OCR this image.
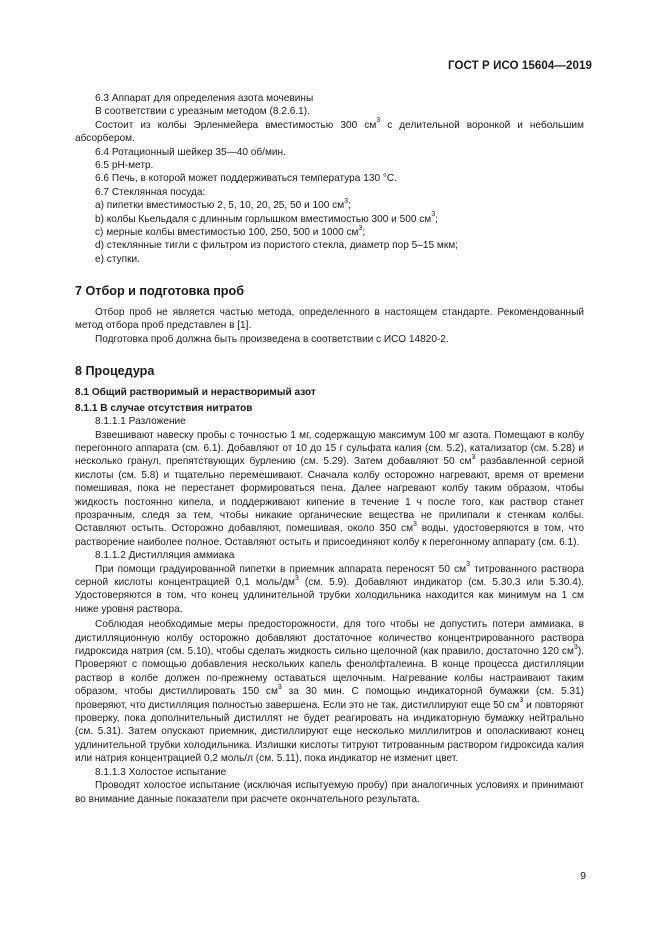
ГОСТ Р ИСО 15604—2019

6.3 Аппарат для определения азота мочевины

В соответствии с уреазным методом (8.2.6.1).

Состоит из колбы Эрленмейера вместимостью 300 $см^3$ с делительной воронкой и небольшим абсорбером.

6.4 Ротационный шейкер 35—40 об/мин.

6.5 рН-метр.

6.6 Печь, в которой может поддерживаться температура 130 °С.

6.7 Стеклянная посуда:

a) пипетки вместимостью 2, 5, 10, 20, 25, 50 и 100 $см^3$;

b) колбы Кьельдаля с длинным горлышком вместимостью 300 и 500 $см^3$;

c) мерные колбы вместимостью 100, 250, 500 и 1000 $см^3$;

d) стеклянные тигли с фильтром из пористого стекла, диаметр пор 5–15 мкм;

e) ступки.

7 Отбор и подготовка проб

Отбор проб не является частью метода, определенного в настоящем стандарте. Рекомендованный метод отбора проб представлен в [1].

Подготовка проб должна быть произведена в соответствии с ИСО 14820-2.

8 Процедура

8.1 Общий растворимый и нерастворимый азот

8.1.1 В случае отсутствия нитратов

8.1.1.1 Разложение

Взвешивают навеску пробы с точностью 1 мг, содержащую максимум 100 мг азота. Помещают в колбу перегонного аппарата (см. 6.1). Добавляют от 10 до 15 г сульфата калия (см. 5.2), катализатор (см. 5.28) и несколько гранул, препятствующих бурлению (см. 5.29). Затем добавляют 50 $см^3$ разбавленной серной кислоты (см. 5.8) и тщательно перемешивают. Сначала колбу осторожно нагревают, время от времени помешивая, пока не перестанет формироваться пена. Далее нагревают колбу таким образом, чтобы жидкость постоянно кипела, и поддерживают кипение в течение 1 ч после того, как раствор станет прозрачным, следя за тем, чтобы никакие органические вещества не прилипали к стенкам колбы. Оставляют остыть. Осторожно добавляют, помешивая, около 350 $см^3$ воды, удостоверяются в том, что растворение наиболее полное. Оставляют остыть и присоединяют колбу к перегонному аппарату (см. 6.1).

8.1.1.2 Дистилляция аммиака

При помощи градуированной пипетки в приемник аппарата переносят 50 $см^3$ титрованного раствора серной кислоты концентрацией 0,1 моль/$дм^3$ (см. 5.9). Добавляют индикатор (см. 5.30.3 или 5.30.4). Удостоверяются в том, что конец удлинительной трубки холодильника находится как минимум на 1 см ниже уровня раствора.

Соблюдая необходимые меры предосторожности, для того чтобы не допустить потери аммиака, в дистилляционную колбу осторожно добавляют достаточное количество концентрированного раствора гидроксида натрия (см. 5.10), чтобы сделать жидкость сильно щелочной (как правило, достаточно 120 $см^3$). Проверяют с помощью добавления нескольких капель фенолфталеина. В конце процесса дистилляции раствор в колбе должен по-прежнему оставаться щелочным. Нагревание колбы настраивают таким образом, чтобы дистиллировать 150 $см^3$ за 30 мин. С помощью индикаторной бумажки (см. 5.31) проверяют, что дистилляция полностью завершена. Если это не так, дистиллируют еще 50 $см^3$ и повторяют проверку, пока дополнительный дистиллят не будет реагировать на индикаторную бумажку нейтрально (см. 5.31). Затем опускают приемник, дистиллируют еще несколько миллилитров и ополаскивают конец удлинительной трубки холодильника. Излишки кислоты титруют титрованным раствором гидроксида калия или натрия концентрацией 0,2 моль/л (см. 5.11), пока индикатор не изменит цвет.

8.1.1.3 Холостое испытание

Проводят холостое испытание (исключая испытуемую пробу) при аналогичных условиях и принимают во внимание данные показатели при расчете окончательного результата.

9
